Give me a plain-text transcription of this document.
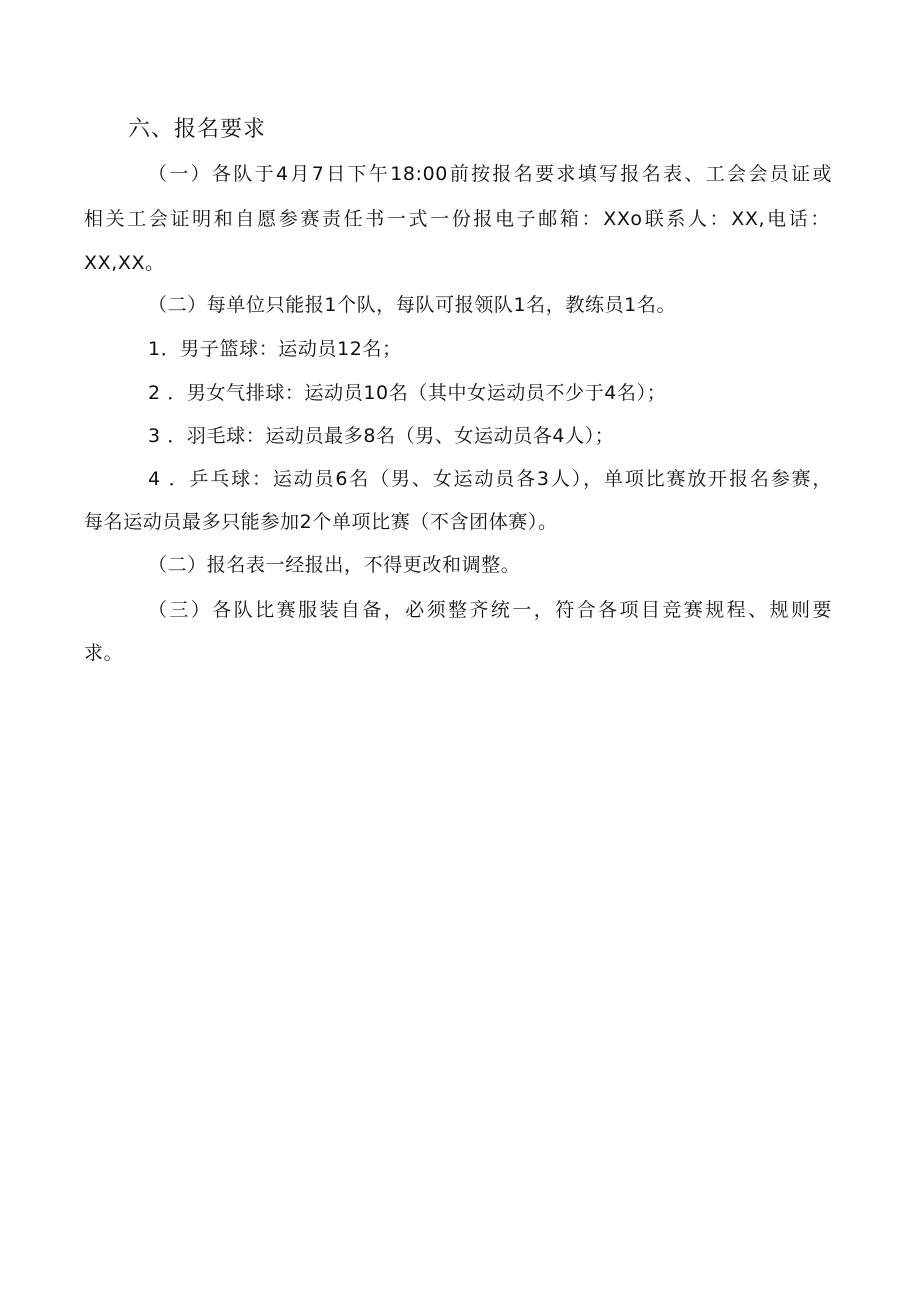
六、报名要求
（一）各队于4月7日下午18:00前按报名要求填写报名表、工会会员证或
相关工会证明和自愿参赛责任书一式一份报电子邮箱：XXo联系人：XX,电话：
XX,XX。
（二）每单位只能报1个队，每队可报领队1名，教练员1名。
1．男子篮球：运动员12名；
2 ．男女气排球：运动员10名（其中女运动员不少于4名）；
3 ．羽毛球：运动员最多8名（男、女运动员各4人）；
4 ．乒乓球：运动员6名（男、女运动员各3人），单项比赛放开报名参赛，
每名运动员最多只能参加2个单项比赛（不含团体赛）。
（二）报名表一经报出，不得更改和调整。
（三）各队比赛服装自备，必须整齐统一，符合各项目竞赛规程、规则要
求。
